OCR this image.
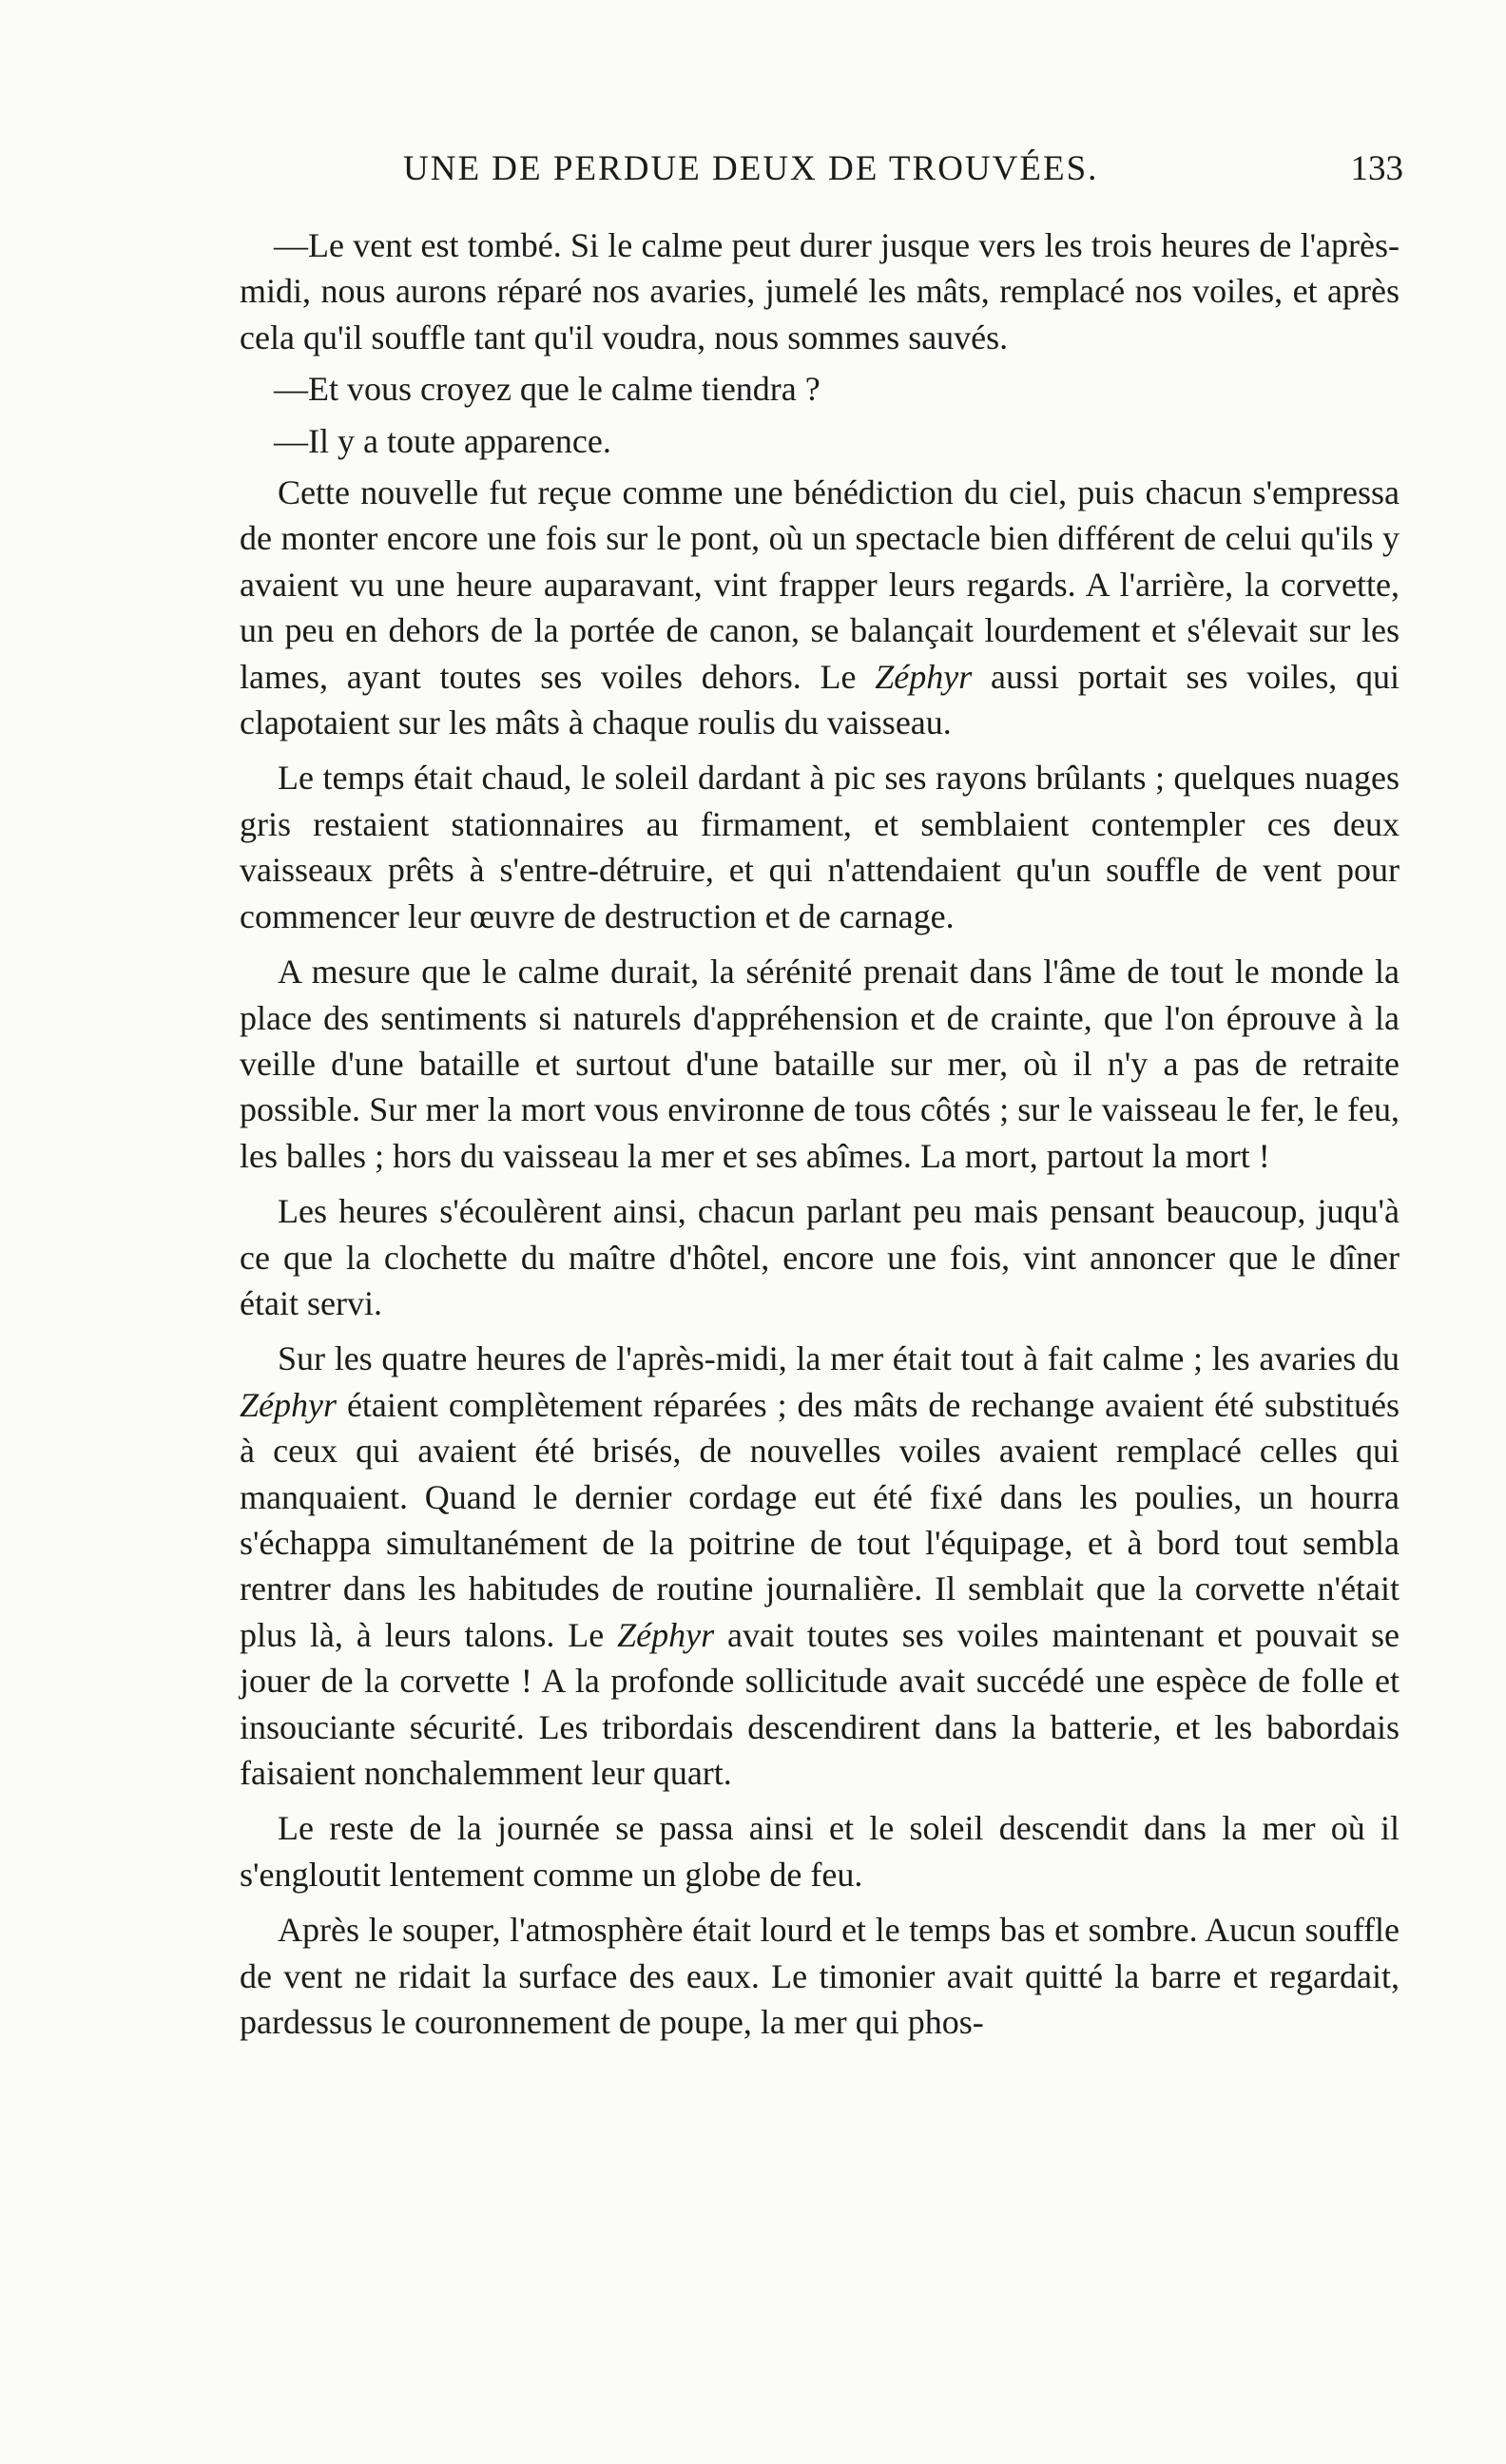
UNE DE PERDUE DEUX DE TROUVÉES.	133

—Le vent est tombé. Si le calme peut durer jusque vers les trois heures de l'après-midi, nous aurons réparé nos avaries, jumelé les mâts, remplacé nos voiles, et après cela qu'il souffle tant qu'il voudra, nous sommes sauvés.

—Et vous croyez que le calme tiendra ?

—Il y a toute apparence.

Cette nouvelle fut reçue comme une bénédiction du ciel, puis chacun s'empressa de monter encore une fois sur le pont, où un spectacle bien différent de celui qu'ils y avaient vu une heure auparavant, vint frapper leurs regards. A l'arrière, la corvette, un peu en dehors de la portée de canon, se balançait lourdement et s'élevait sur les lames, ayant toutes ses voiles dehors. Le Zéphyr aussi portait ses voiles, qui clapotaient sur les mâts à chaque roulis du vaisseau.

Le temps était chaud, le soleil dardant à pic ses rayons brûlants ; quelques nuages gris restaient stationnaires au firmament, et semblaient contempler ces deux vaisseaux prêts à s'entre-détruire, et qui n'attendaient qu'un souffle de vent pour commencer leur œuvre de destruction et de carnage.

A mesure que le calme durait, la sérénité prenait dans l'âme de tout le monde la place des sentiments si naturels d'appréhension et de crainte, que l'on éprouve à la veille d'une bataille et surtout d'une bataille sur mer, où il n'y a pas de retraite possible. Sur mer la mort vous environne de tous côtés ; sur le vaisseau le fer, le feu, les balles ; hors du vaisseau la mer et ses abîmes. La mort, partout la mort !

Les heures s'écoulèrent ainsi, chacun parlant peu mais pensant beaucoup, juqu'à ce que la clochette du maître d'hôtel, encore une fois, vint annoncer que le dîner était servi.

Sur les quatre heures de l'après-midi, la mer était tout à fait calme ; les avaries du Zéphyr étaient complètement réparées ; des mâts de rechange avaient été substitués à ceux qui avaient été brisés, de nouvelles voiles avaient remplacé celles qui manquaient. Quand le dernier cordage eut été fixé dans les poulies, un hourra s'échappa simultanément de la poitrine de tout l'équipage, et à bord tout sembla rentrer dans les habitudes de routine journalière. Il semblait que la corvette n'était plus là, à leurs talons. Le Zéphyr avait toutes ses voiles maintenant et pouvait se jouer de la corvette ! A la profonde sollicitude avait succédé une espèce de folle et insouciante sécurité. Les tribordais descendirent dans la batterie, et les babordais faisaient nonchalemment leur quart.

Le reste de la journée se passa ainsi et le soleil descendit dans la mer où il s'engloutit lentement comme un globe de feu.

Après le souper, l'atmosphère était lourd et le temps bas et sombre. Aucun souffle de vent ne ridait la surface des eaux. Le timonier avait quitté la barre et regardait, pardessus le couronnement de poupe, la mer qui phos-
